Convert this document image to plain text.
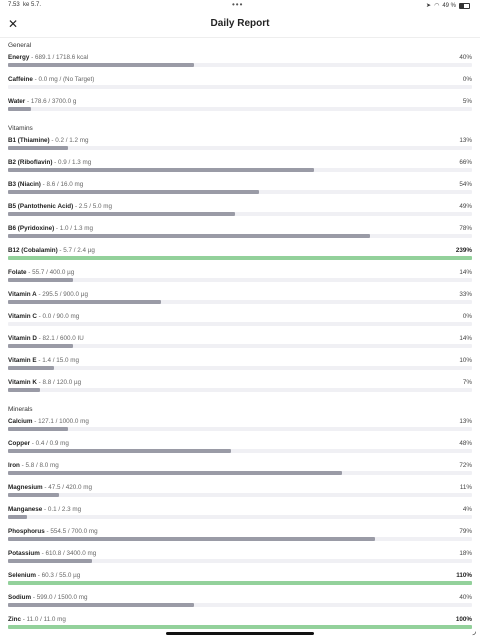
7.53 ke 5.7.	•••	➤ ◠ 49 %
✕	Daily Report
General
Energy - 689.1 / 1718.6 kcal	40%
Caffeine - 0.0 mg / (No Target)	0%
Water - 178.6 / 3700.0 g	5%
Vitamins
B1 (Thiamine) - 0.2 / 1.2 mg	13%
B2 (Riboflavin) - 0.9 / 1.3 mg	66%
B3 (Niacin) - 8.6 / 16.0 mg	54%
B5 (Pantothenic Acid) - 2.5 / 5.0 mg	49%
B6 (Pyridoxine) - 1.0 / 1.3 mg	78%
B12 (Cobalamin) - 5.7 / 2.4 µg	239%
Folate - 55.7 / 400.0 µg	14%
Vitamin A - 295.5 / 900.0 µg	33%
Vitamin C - 0.0 / 90.0 mg	0%
Vitamin D - 82.1 / 600.0 IU	14%
Vitamin E - 1.4 / 15.0 mg	10%
Vitamin K - 8.8 / 120.0 µg	7%
Minerals
Calcium - 127.1 / 1000.0 mg	13%
Copper - 0.4 / 0.9 mg	48%
Iron - 5.8 / 8.0 mg	72%
Magnesium - 47.5 / 420.0 mg	11%
Manganese - 0.1 / 2.3 mg	4%
Phosphorus - 554.5 / 700.0 mg	79%
Potassium - 610.8 / 3400.0 mg	18%
Selenium - 60.3 / 55.0 µg	110%
Sodium - 599.0 / 1500.0 mg	40%
Zinc - 11.0 / 11.0 mg	100%
◞
